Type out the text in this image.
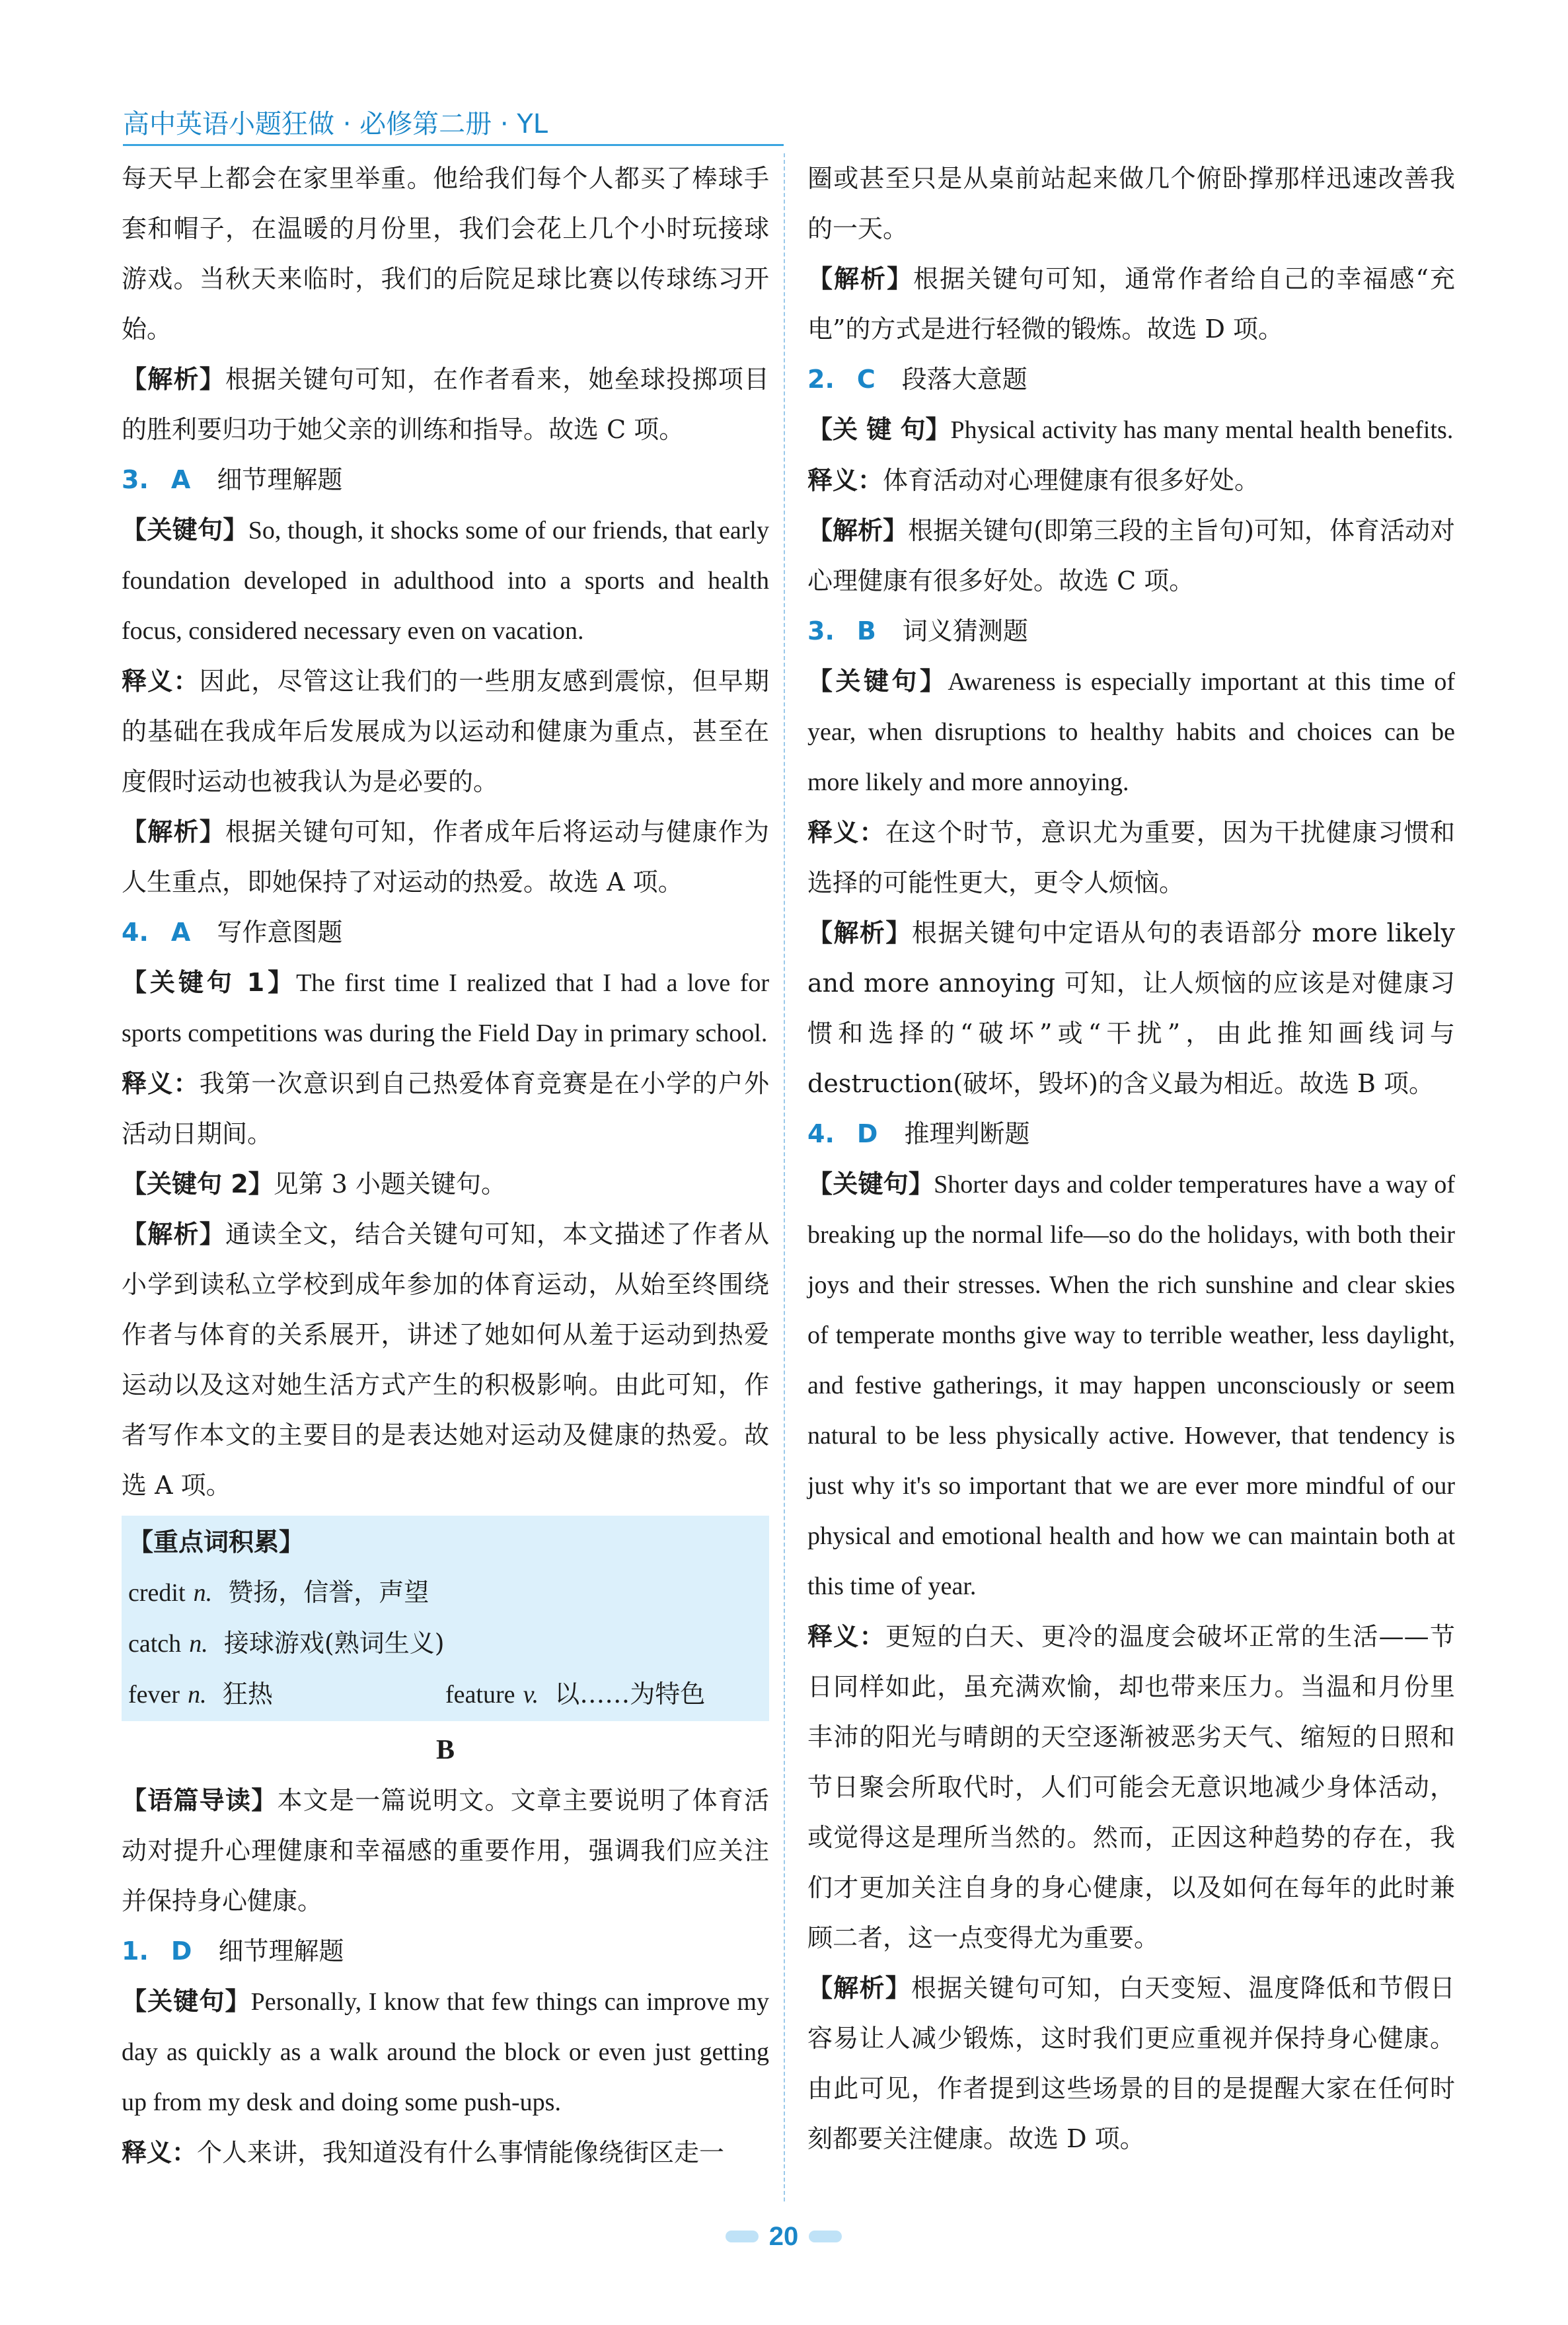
高中英语小题狂做 · 必修第二册 · YL

每天早上都会在家里举重。他给我们每个人都买了棒球手套和帽子，在温暖的月份里，我们会花上几个小时玩接球游戏。当秋天来临时，我们的后院足球比赛以传球练习开始。

【解析】根据关键句可知，在作者看来，她垒球投掷项目的胜利要归功于她父亲的训练和指导。故选 C 项。

3. A 细节理解题

【关键句】So, though, it shocks some of our friends, that early foundation developed in adulthood into a sports and health focus, considered necessary even on vacation.

释义：因此，尽管这让我们的一些朋友感到震惊，但早期的基础在我成年后发展成为以运动和健康为重点，甚至在度假时运动也被我认为是必要的。

【解析】根据关键句可知，作者成年后将运动与健康作为人生重点，即她保持了对运动的热爱。故选 A 项。

4. A 写作意图题

【关键句 1】The first time I realized that I had a love for sports competitions was during the Field Day in primary school.

释义：我第一次意识到自己热爱体育竞赛是在小学的户外活动日期间。

【关键句 2】见第 3 小题关键句。

【解析】通读全文，结合关键句可知，本文描述了作者从小学到读私立学校到成年参加的体育运动，从始至终围绕作者与体育的关系展开，讲述了她如何从羞于运动到热爱运动以及这对她生活方式产生的积极影响。由此可知，作者写作本文的主要目的是表达她对运动及健康的热爱。故选 A 项。

【重点词积累】
credit n. 赞扬，信誉，声望
catch n. 接球游戏(熟词生义)
fever n. 狂热	feature v. 以……为特色

B

【语篇导读】本文是一篇说明文。文章主要说明了体育活动对提升心理健康和幸福感的重要作用，强调我们应关注并保持身心健康。

1. D 细节理解题

【关键句】Personally, I know that few things can improve my day as quickly as a walk around the block or even just getting up from my desk and doing some push-ups.

释义：个人来讲，我知道没有什么事情能像绕街区走一

圈或甚至只是从桌前站起来做几个俯卧撑那样迅速改善我的一天。

【解析】根据关键句可知，通常作者给自己的幸福感“充电”的方式是进行轻微的锻炼。故选 D 项。

2. C 段落大意题

【关 键 句】Physical activity has many mental health benefits.

释义：体育活动对心理健康有很多好处。

【解析】根据关键句(即第三段的主旨句)可知，体育活动对心理健康有很多好处。故选 C 项。

3. B 词义猜测题

【关键句】Awareness is especially important at this time of year, when disruptions to healthy habits and choices can be more likely and more annoying.

释义：在这个时节，意识尤为重要，因为干扰健康习惯和选择的可能性更大，更令人烦恼。

【解析】根据关键句中定语从句的表语部分 more likely and more annoying 可知，让人烦恼的应该是对健康习惯和选择的“破坏”或“干扰”，由此推知画线词与 destruction(破坏，毁坏)的含义最为相近。故选 B 项。

4. D 推理判断题

【关键句】Shorter days and colder temperatures have a way of breaking up the normal life—so do the holidays, with both their joys and their stresses. When the rich sunshine and clear skies of temperate months give way to terrible weather, less daylight, and festive gatherings, it may happen unconsciously or seem natural to be less physically active. However, that tendency is just why it's so important that we are ever more mindful of our physical and emotional health and how we can maintain both at this time of year.

释义：更短的白天、更冷的温度会破坏正常的生活——节日同样如此，虽充满欢愉，却也带来压力。当温和月份里丰沛的阳光与晴朗的天空逐渐被恶劣天气、缩短的日照和节日聚会所取代时，人们可能会无意识地减少身体活动，或觉得这是理所当然的。然而，正因这种趋势的存在，我们才更加关注自身的身心健康，以及如何在每年的此时兼顾二者，这一点变得尤为重要。

【解析】根据关键句可知，白天变短、温度降低和节假日容易让人减少锻炼，这时我们更应重视并保持身心健康。由此可见，作者提到这些场景的目的是提醒大家在任何时刻都要关注健康。故选 D 项。

20
